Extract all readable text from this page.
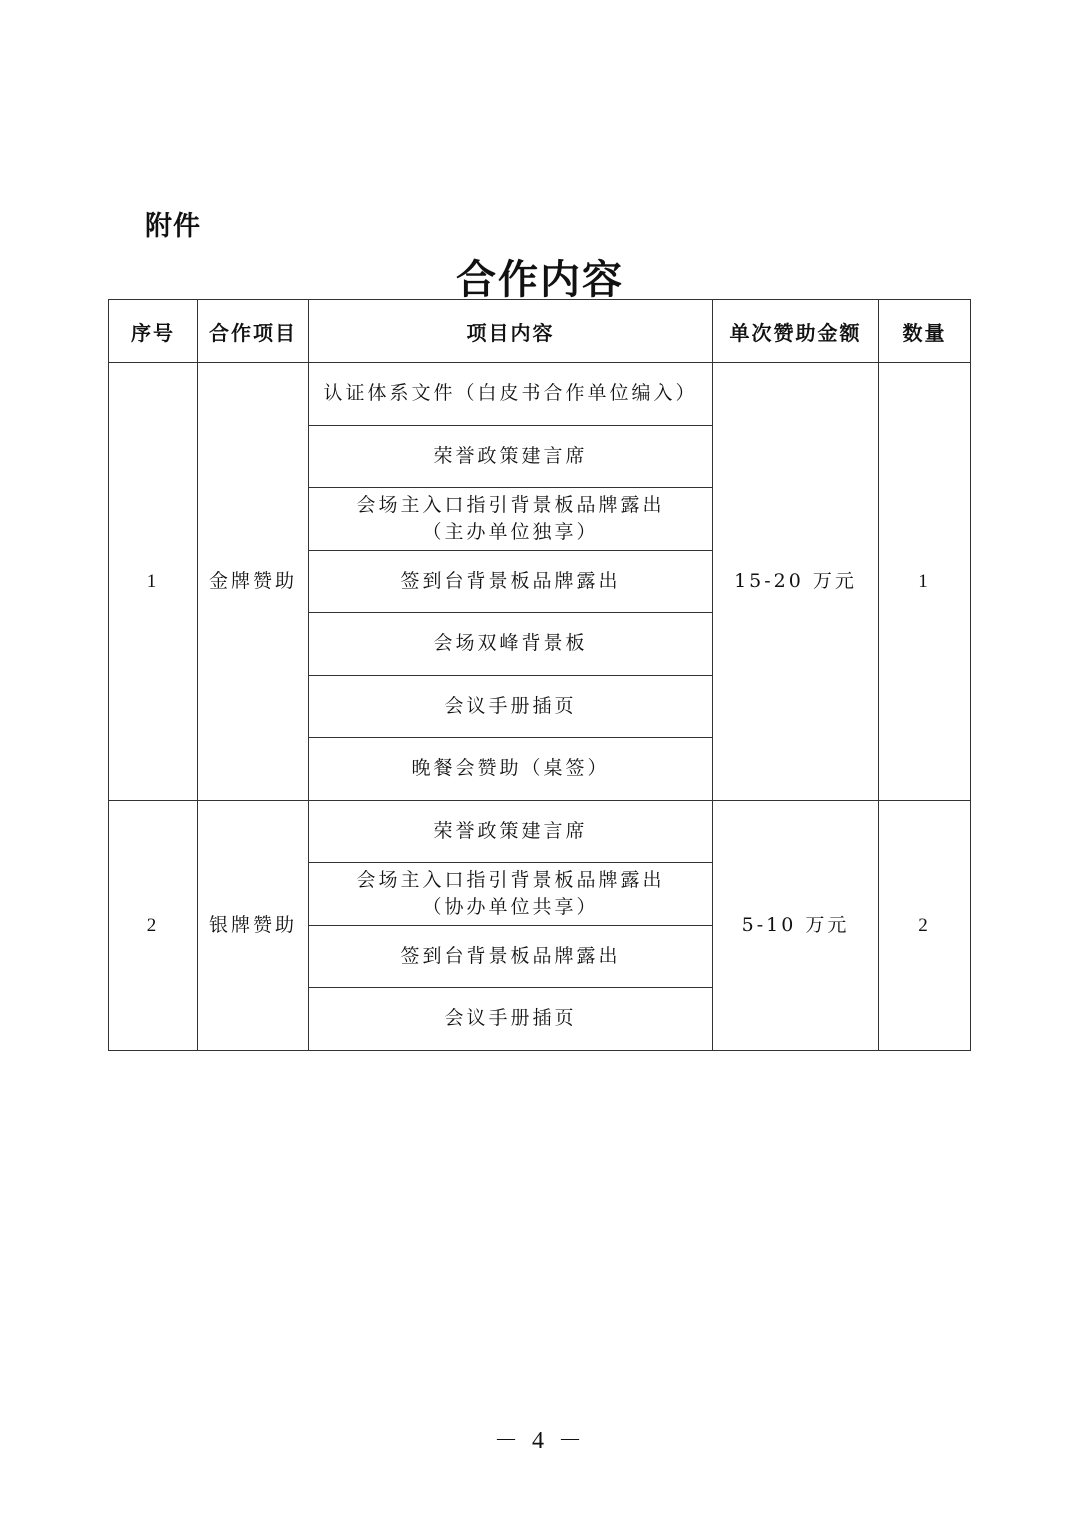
附件
合作内容
序号	合作项目	项目内容	单次赞助金额	数量
1	金牌赞助	认证体系文件（白皮书合作单位编入）	15-20 万元	1
		荣誉政策建言席		
		会场主入口指引背景板品牌露出（主办单位独享）		
		签到台背景板品牌露出		
		会场双峰背景板		
		会议手册插页		
		晚餐会赞助（桌签）		
2	银牌赞助	荣誉政策建言席	5-10 万元	2
		会场主入口指引背景板品牌露出（协办单位共享）		
		签到台背景板品牌露出		
		会议手册插页		
－ 4 －
